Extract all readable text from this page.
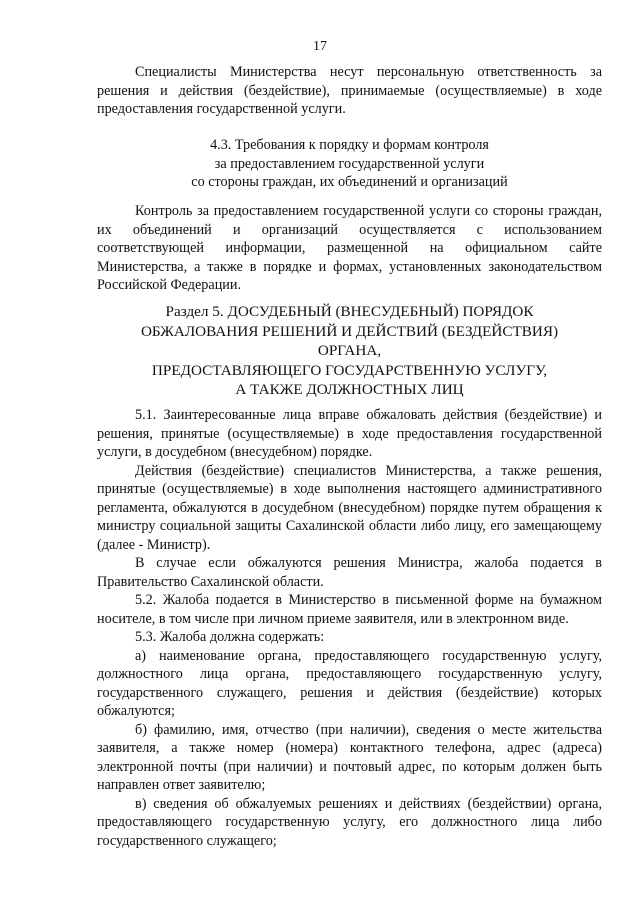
17

Специалисты Министерства несут персональную ответственность за решения и действия (бездействие), принимаемые (осуществляемые) в ходе предоставления государственной услуги.

4.3. Требования к порядку и формам контроля

за предоставлением государственной услуги

со стороны граждан, их объединений и организаций

Контроль за предоставлением государственной услуги со стороны граждан, их объединений и организаций осуществляется с использованием соответствующей информации, размещенной на официальном сайте Министерства, а также в порядке и формах, установленных законодательством Российской Федерации.

Раздел 5. ДОСУДЕБНЫЙ (ВНЕСУДЕБНЫЙ) ПОРЯДОК

ОБЖАЛОВАНИЯ РЕШЕНИЙ И ДЕЙСТВИЙ (БЕЗДЕЙСТВИЯ)

ОРГАНА,

ПРЕДОСТАВЛЯЮЩЕГО ГОСУДАРСТВЕННУЮ УСЛУГУ,

А ТАКЖЕ ДОЛЖНОСТНЫХ ЛИЦ

5.1. Заинтересованные лица вправе обжаловать действия (бездействие) и решения, принятые (осуществляемые) в ходе предоставления государственной услуги, в досудебном (внесудебном) порядке.

Действия (бездействие) специалистов Министерства, а также решения, принятые (осуществляемые) в ходе выполнения настоящего административного регламента, обжалуются в досудебном (внесудебном) порядке путем обращения к министру социальной защиты Сахалинской области либо лицу, его замещающему (далее - Министр).

В случае если обжалуются решения Министра, жалоба подается в Правительство Сахалинской области.

5.2. Жалоба подается в Министерство в письменной форме на бумажном носителе, в том числе при личном приеме заявителя, или в электронном виде.

5.3. Жалоба должна содержать:

а) наименование органа, предоставляющего государственную услугу, должностного лица органа, предоставляющего государственную услугу, государственного служащего, решения и действия (бездействие) которых обжалуются;

б) фамилию, имя, отчество (при наличии), сведения о месте жительства заявителя, а также номер (номера) контактного телефона, адрес (адреса) электронной почты (при наличии) и почтовый адрес, по которым должен быть направлен ответ заявителю;

в) сведения об обжалуемых решениях и действиях (бездействии) органа, предоставляющего государственную услугу, его должностного лица либо государственного служащего;
